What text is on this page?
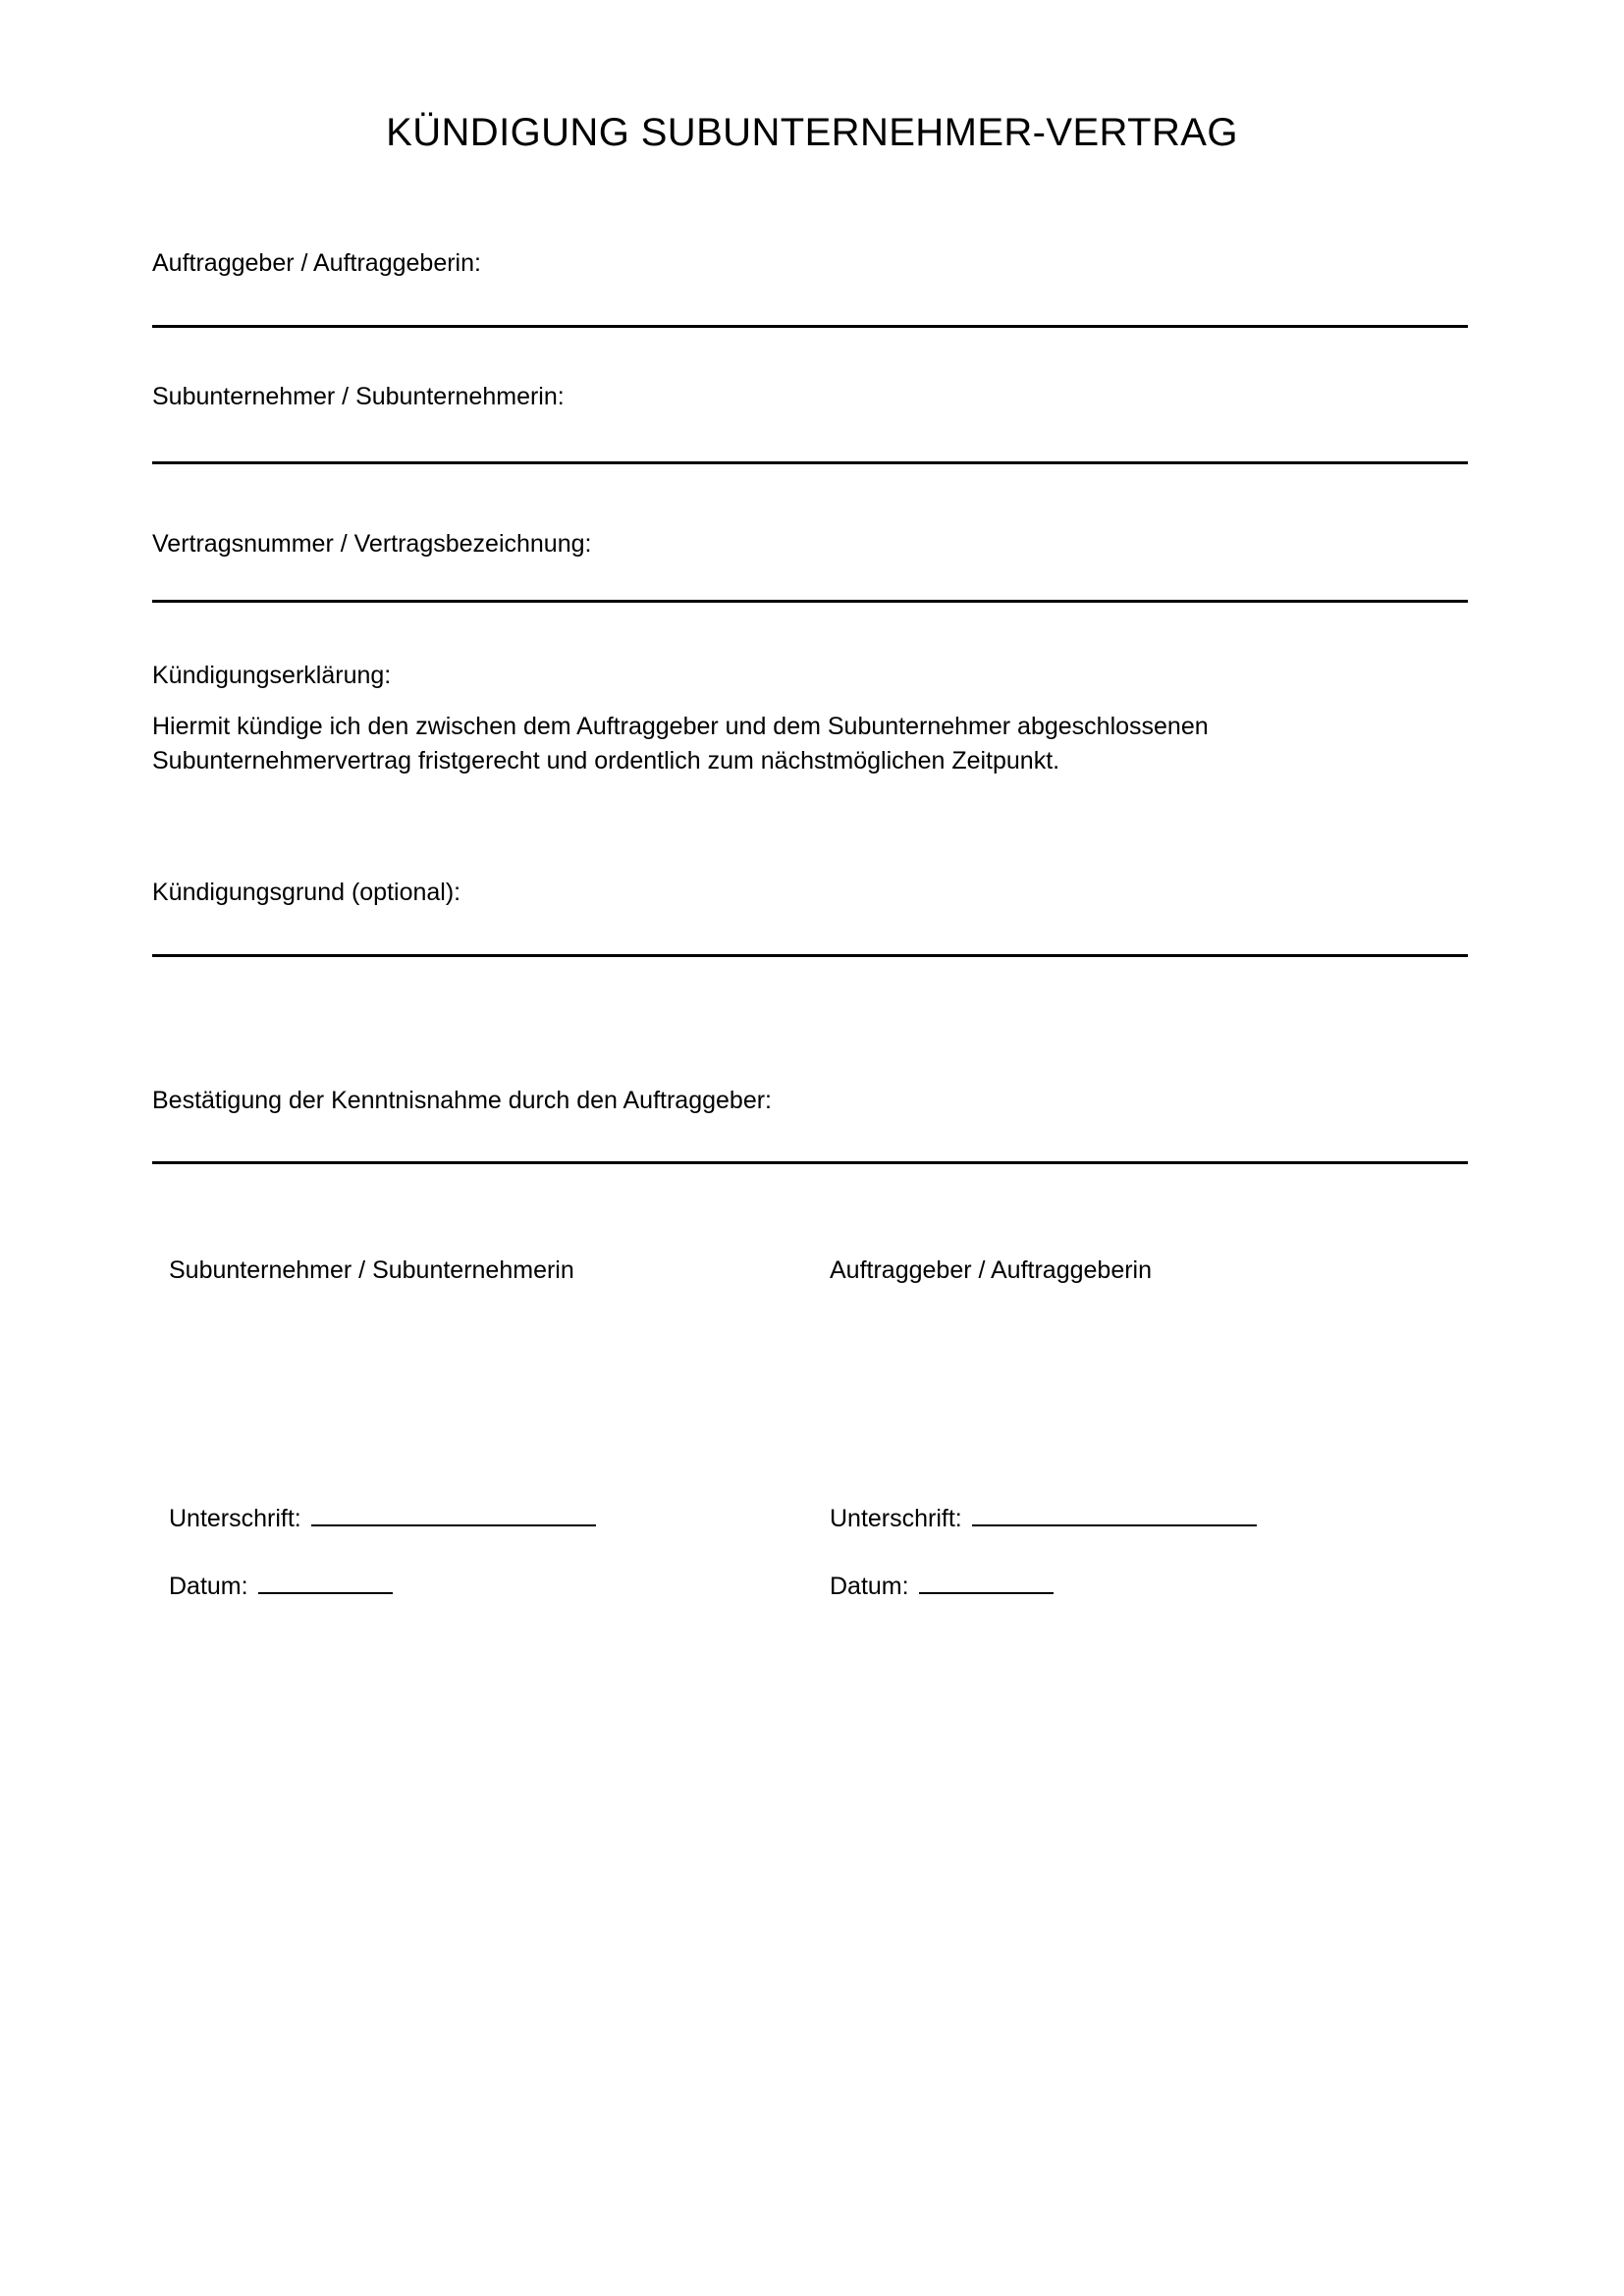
KÜNDIGUNG SUBUNTERNEHMER-VERTRAG
Auftraggeber / Auftraggeberin:
Subunternehmer / Subunternehmerin:
Vertragsnummer / Vertragsbezeichnung:
Kündigungserklärung:
Hiermit kündige ich den zwischen dem Auftraggeber und dem Subunternehmer abgeschlossenen
Subunternehmervertrag fristgerecht und ordentlich zum nächstmöglichen Zeitpunkt.
Kündigungsgrund (optional):
Bestätigung der Kenntnisnahme durch den Auftraggeber:
Subunternehmer / Subunternehmerin
Unterschrift:
Datum:
Auftraggeber / Auftraggeberin
Unterschrift:
Datum:
